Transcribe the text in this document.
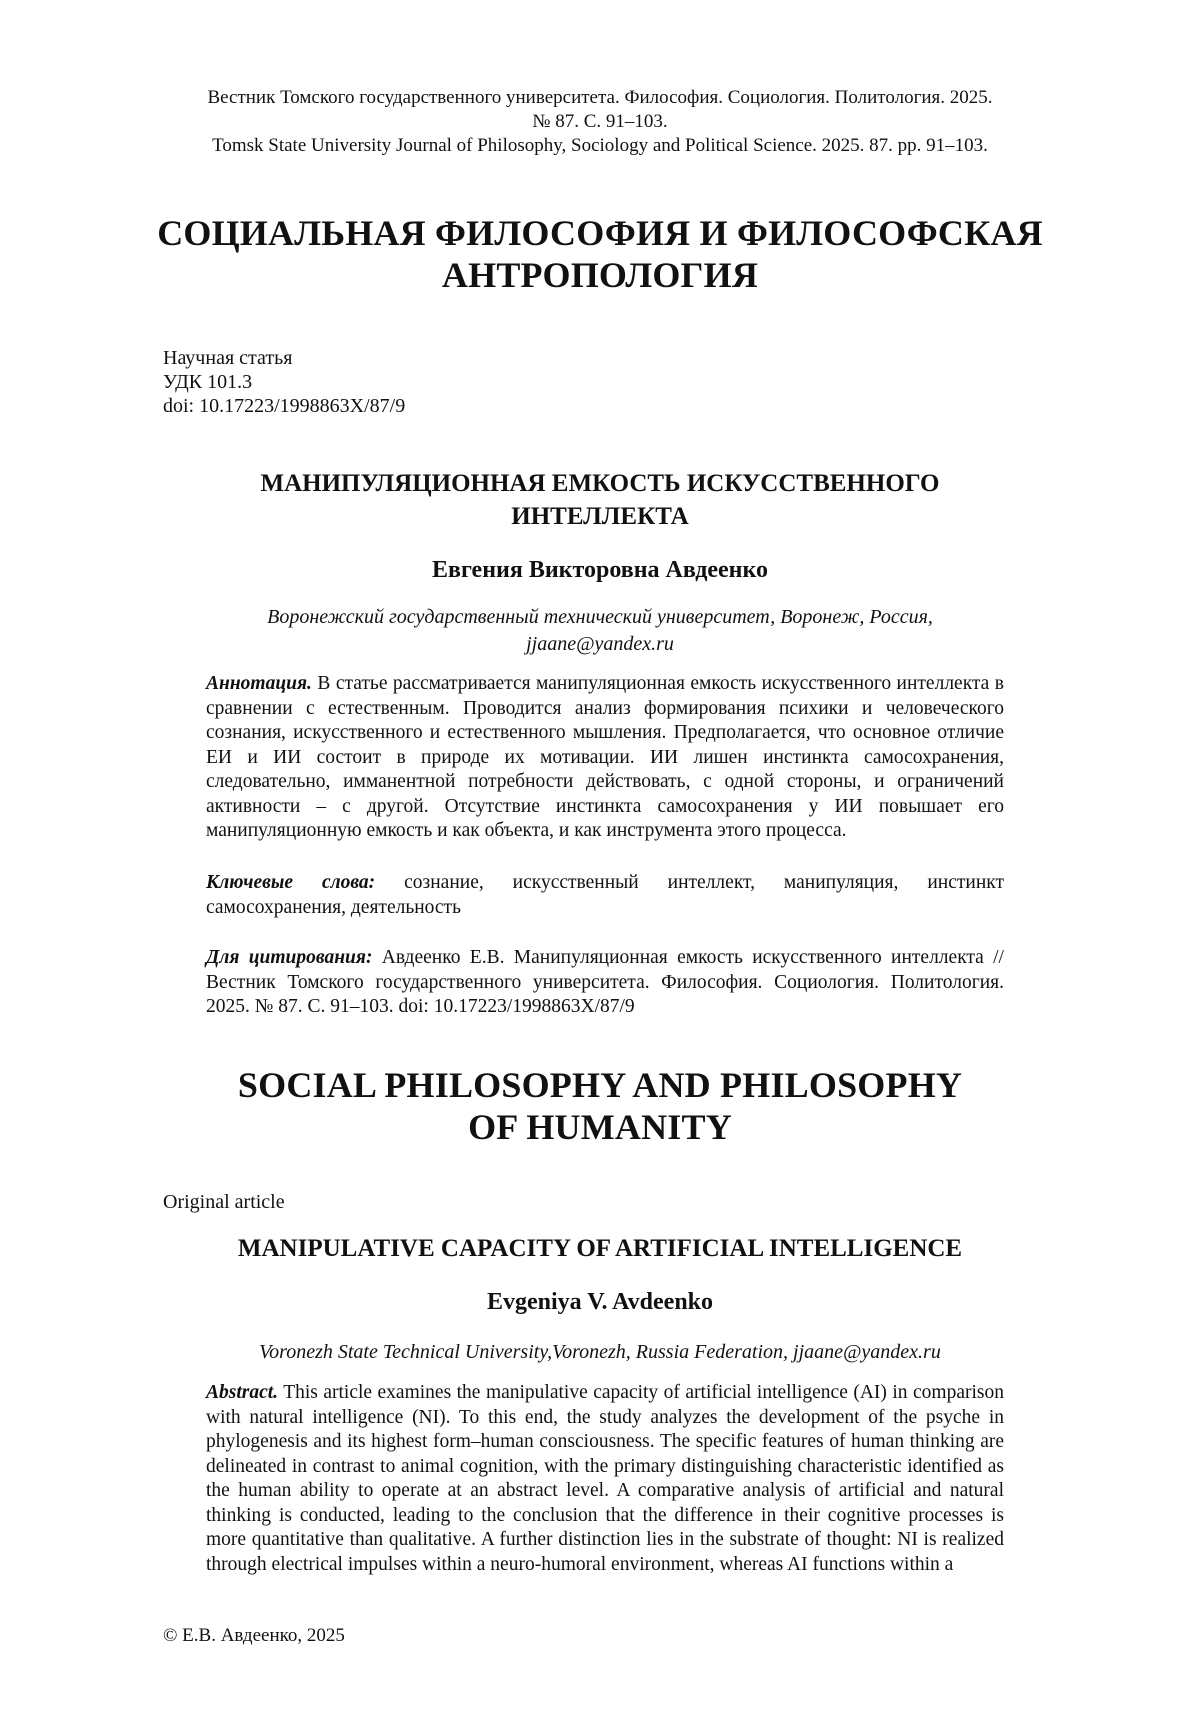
Вестник Томского государственного университета. Философия. Социология. Политология. 2025.
№ 87. С. 91–103.
Tomsk State University Journal of Philosophy, Sociology and Political Science. 2025. 87. pp. 91–103.
СОЦИАЛЬНАЯ ФИЛОСОФИЯ И ФИЛОСОФСКАЯ АНТРОПОЛОГИЯ
Научная статья
УДК 101.3
doi: 10.17223/1998863Х/87/9
МАНИПУЛЯЦИОННАЯ ЕМКОСТЬ ИСКУССТВЕННОГО ИНТЕЛЛЕКТА
Евгения Викторовна Авдеенко
Воронежский государственный технический университет, Воронеж, Россия, jjaane@yandex.ru
Аннотация. В статье рассматривается манипуляционная емкость искусственного интеллекта в сравнении с естественным. Проводится анализ формирования психики и человеческого сознания, искусственного и естественного мышления. Предполагается, что основное отличие ЕИ и ИИ состоит в природе их мотивации. ИИ лишен инстинкта самосохранения, следовательно, имманентной потребности действовать, с одной стороны, и ограничений активности – с другой. Отсутствие инстинкта самосохранения у ИИ повышает его манипуляционную емкость и как объекта, и как инструмента этого процесса.
Ключевые слова: сознание, искусственный интеллект, манипуляция, инстинкт самосохранения, деятельность
Для цитирования: Авдеенко Е.В. Манипуляционная емкость искусственного интеллекта // Вестник Томского государственного университета. Философия. Социология. Политология. 2025. № 87. С. 91–103. doi: 10.17223/1998863Х/87/9
SOCIAL PHILOSOPHY AND PHILOSOPHY OF HUMANITY
Original article
MANIPULATIVE CAPACITY OF ARTIFICIAL INTELLIGENCE
Evgeniya V. Avdeenko
Voronezh State Technical University,Voronezh, Russia Federation, jjaane@yandex.ru
Abstract. This article examines the manipulative capacity of artificial intelligence (AI) in comparison with natural intelligence (NI). To this end, the study analyzes the development of the psyche in phylogenesis and its highest form–human consciousness. The specific features of human thinking are delineated in contrast to animal cognition, with the primary distinguishing characteristic identified as the human ability to operate at an abstract level. A comparative analysis of artificial and natural thinking is conducted, leading to the conclusion that the difference in their cognitive processes is more quantitative than qualitative. A further distinction lies in the substrate of thought: NI is realized through electrical impulses within a neuro-humoral environment, whereas AI functions within a
© Е.В. Авдеенко, 2025
